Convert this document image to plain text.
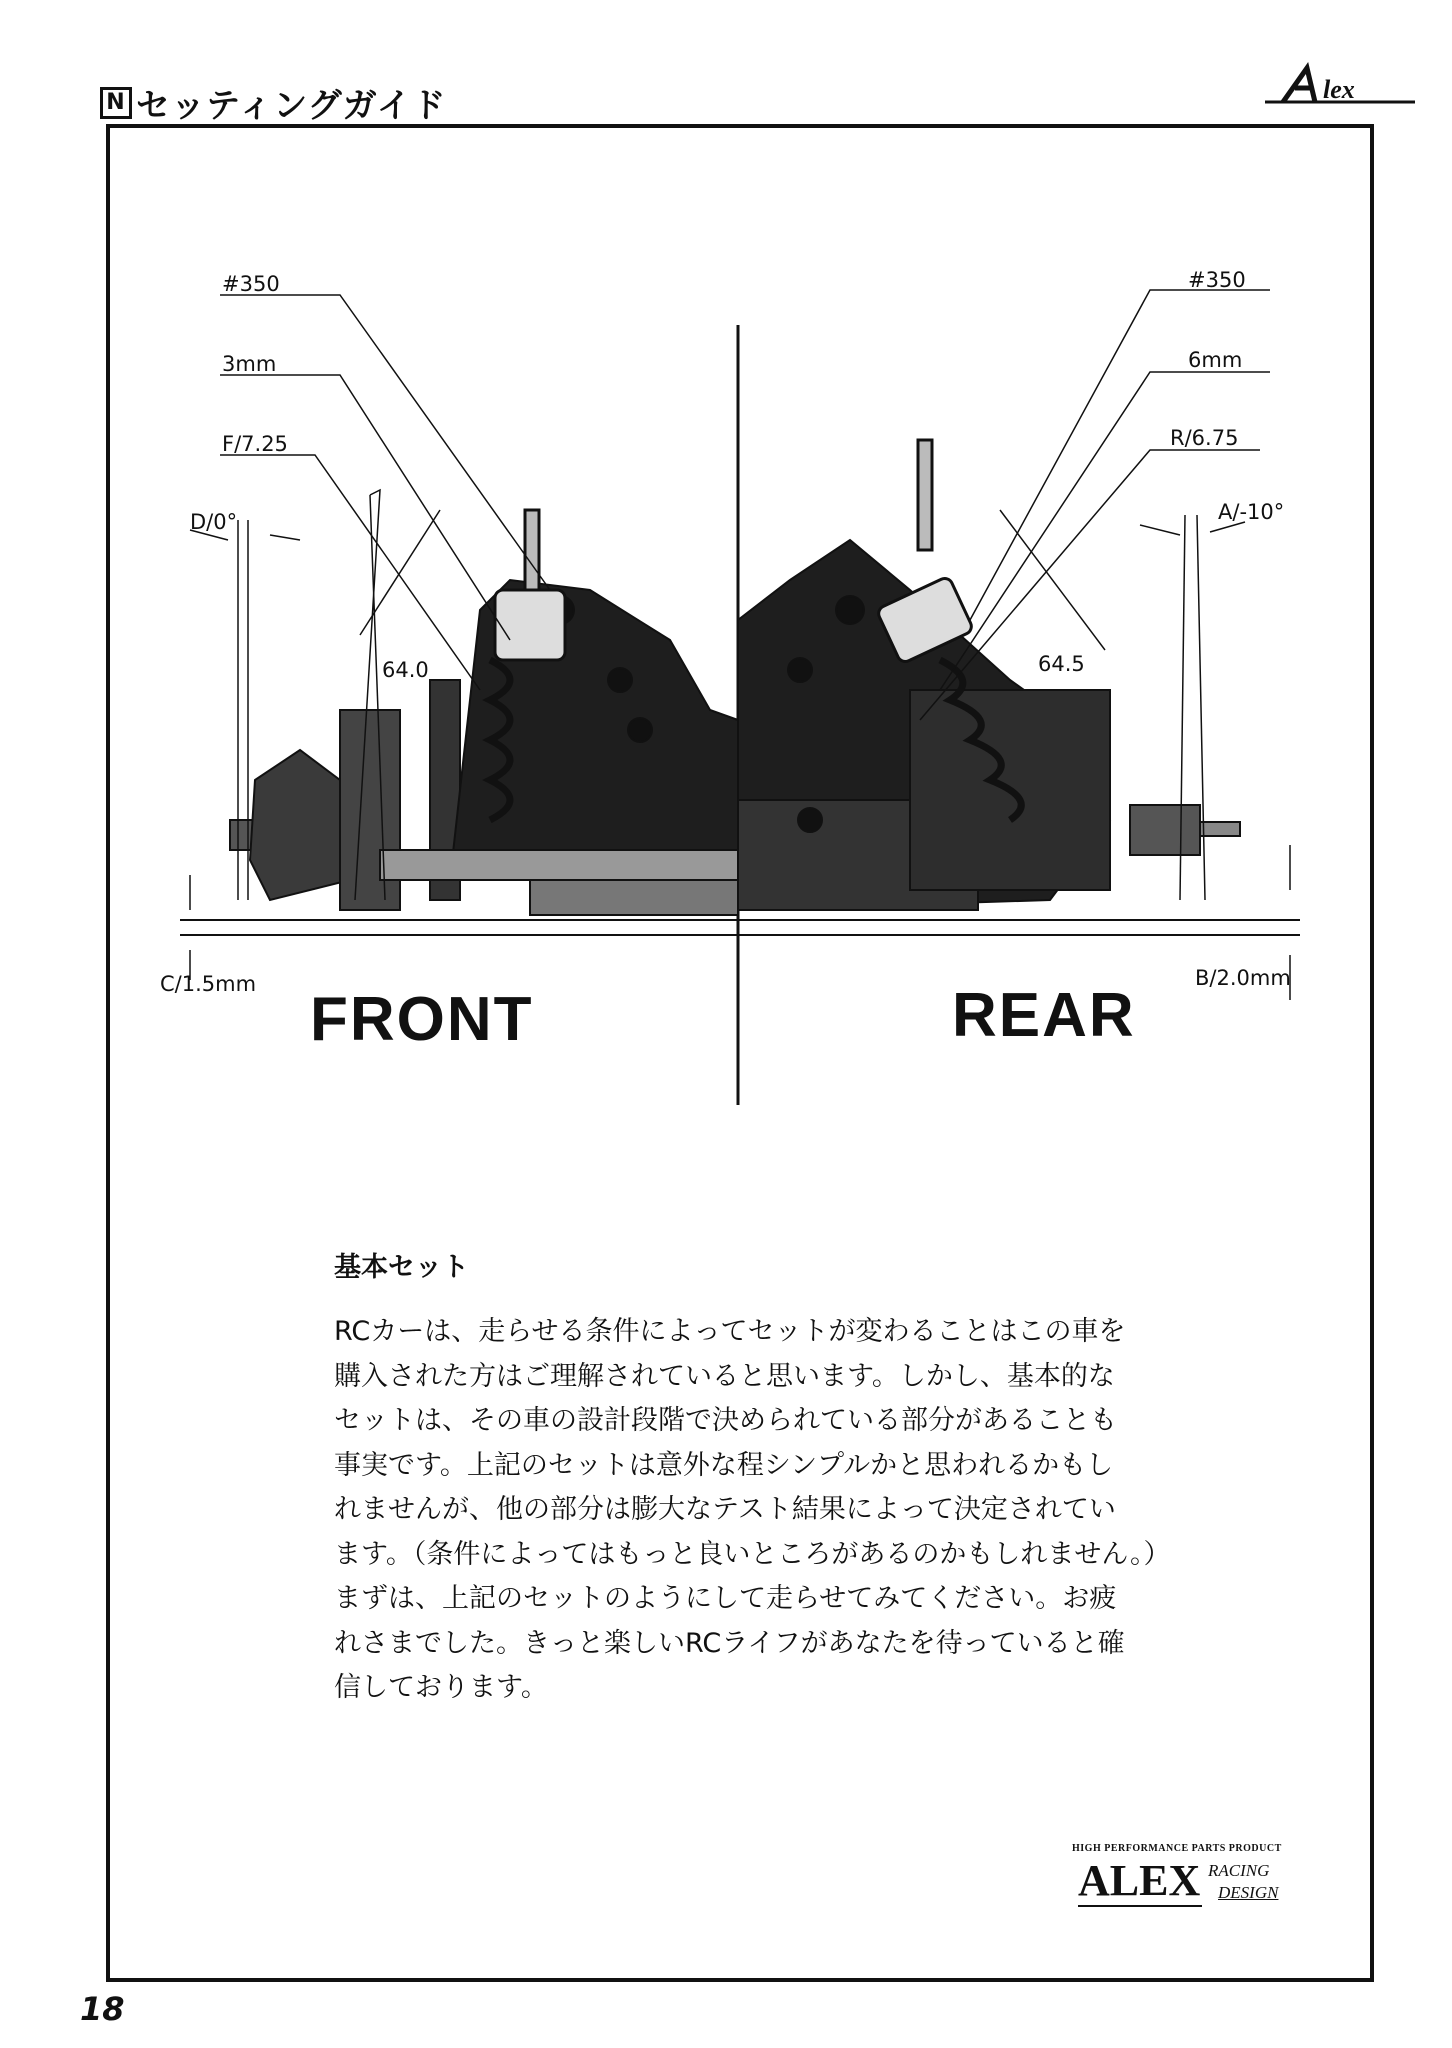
N セッティングガイド	lex
#350
3mm
F/7.25
D/0°
64.0
C/1.5mm
#350
6mm
R/6.75
A/-10°
64.5
B/2.0mm
FRONT	REAR
基本セット

RCカーは、走らせる条件によってセットが変わることはこの車を
購入された方はご理解されていると思います。しかし、基本的な
セットは、その車の設計段階で決められている部分があることも
事実です。上記のセットは意外な程シンプルかと思われるかもし
れませんが、他の部分は膨大なテスト結果によって決定されてい
ます。（条件によってはもっと良いところがあるのかもしれません。）
まずは、上記のセットのようにして走らせてみてください。お疲
れさまでした。きっと楽しいRCライフがあなたを待っていると確
信しております。

HIGH PERFORMANCE PARTS PRODUCT
ALEX RACING
DESIGN
18
